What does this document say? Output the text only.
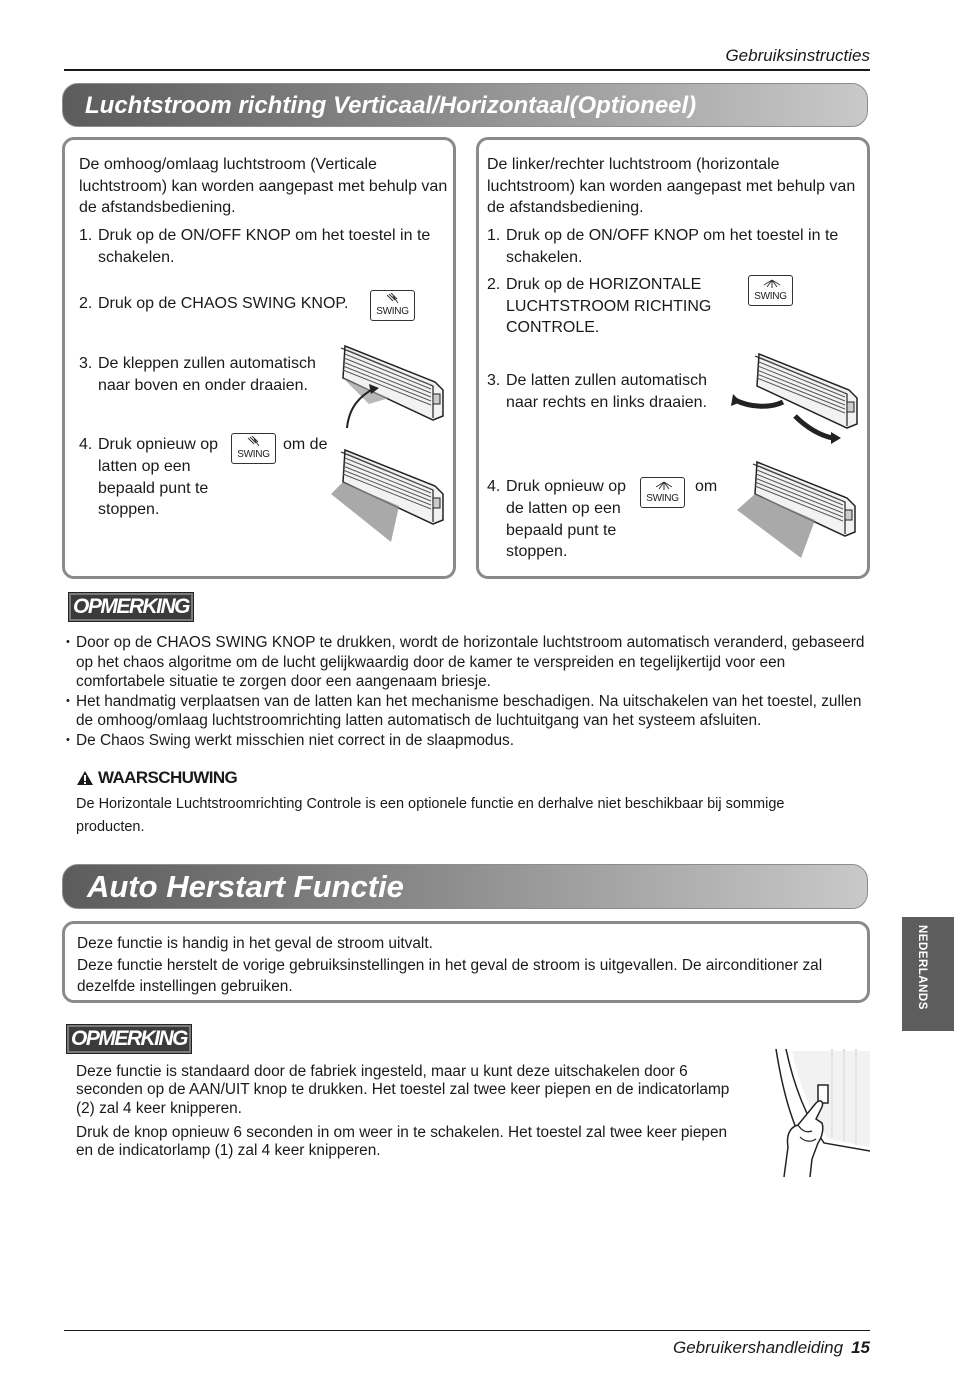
Gebruiksinstructies
Luchtstroom richting Verticaal/Horizontaal(Optioneel)
De omhoog/omlaag luchtstroom (Verticale luchtstroom) kan worden aangepast met behulp van de afstandsbediening.
1. Druk op de ON/OFF KNOP om het toestel in te schakelen.
2. Druk op de CHAOS SWING KNOP.	SWING
3. De kleppen zullen automatisch naar boven en onder draaien.
4. Druk opnieuw op
SWING
om de
latten op een bepaald punt te stoppen.
De linker/rechter luchtstroom (horizontale luchtstroom) kan worden aangepast met behulp van de afstandsbediening.
1. Druk op de ON/OFF KNOP om het toestel in te schakelen.
2. Druk op de HORIZONTALE LUCHTSTROOM RICHTING CONTROLE.
SWING
3. De latten zullen automatisch naar rechts en links draaien.
4. Druk opnieuw op
SWING
om
de latten op een bepaald punt te stoppen.
OPMERKING
• Door op de CHAOS SWING KNOP te drukken, wordt de horizontale luchtstroom automatisch veranderd, gebaseerd op het chaos algoritme om de lucht gelijkwaardig door de kamer te verspreiden en tegelijkertijd voor een comfortabele situatie te zorgen door een aangenaam briesje.
• Het handmatig verplaatsen van de latten kan het mechanisme beschadigen. Na uitschakelen van het toestel, zullen de omhoog/omlaag luchtstroomrichting latten automatisch de luchtuitgang van het systeem afsluiten.
• De Chaos Swing werkt misschien niet correct in de slaapmodus.
WAARSCHUWING
De Horizontale Luchtstroomrichting Controle is een optionele functie en derhalve niet beschikbaar bij sommige producten.
Auto Herstart Functie
Deze functie is handig in het geval de stroom uitvalt.
Deze functie herstelt de vorige gebruiksinstellingen in het geval de stroom is uitgevallen. De airconditioner zal dezelfde instellingen gebruiken.
OPMERKING

Deze functie is standaard door de fabriek ingesteld, maar u kunt deze uitschakelen door 6 seconden op de AAN/UIT knop te drukken. Het toestel zal twee keer piepen en de indicatorlamp (2) zal 4 keer knipperen.

Druk de knop opnieuw 6 seconden in om weer in te schakelen. Het toestel zal twee keer piepen en de indicatorlamp (1) zal 4 keer knipperen.

NEDERLANDS
Gebruikershandleiding 15
